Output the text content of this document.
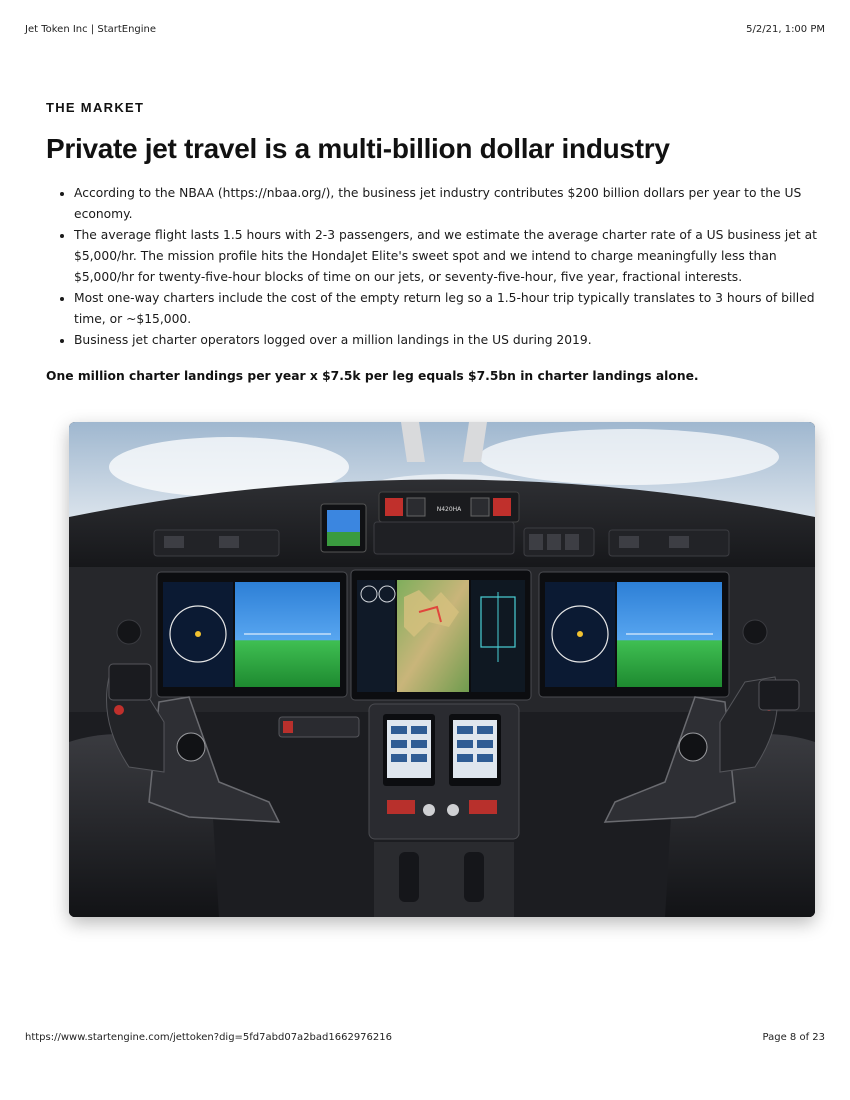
Jet Token Inc | StartEngine	5/2/21, 1:00 PM

THE MARKET

Private jet travel is a multi-billion dollar industry
• According to the NBAA (https://nbaa.org/), the business jet industry contributes $200 billion dollars per year to the US economy.
• The average flight lasts 1.5 hours with 2-3 passengers, and we estimate the average charter rate of a US business jet at $5,000/hr. The mission profile hits the HondaJet Elite's sweet spot and we intend to charge meaningfully less than $5,000/hr for twenty-five-hour blocks of time on our jets, or seventy-five-hour, five year, fractional interests.
• Most one-way charters include the cost of the empty return leg so a 1.5-hour trip typically translates to 3 hours of billed time, or ~$15,000.
• Business jet charter operators logged over a million landings in the US during 2019.

One million charter landings per year x $7.5k per leg equals $7.5bn in charter landings alone.

N420HA
https://www.startengine.com/jettoken?dig=5fd7abd07a2bad1662976216	Page 8 of 23
